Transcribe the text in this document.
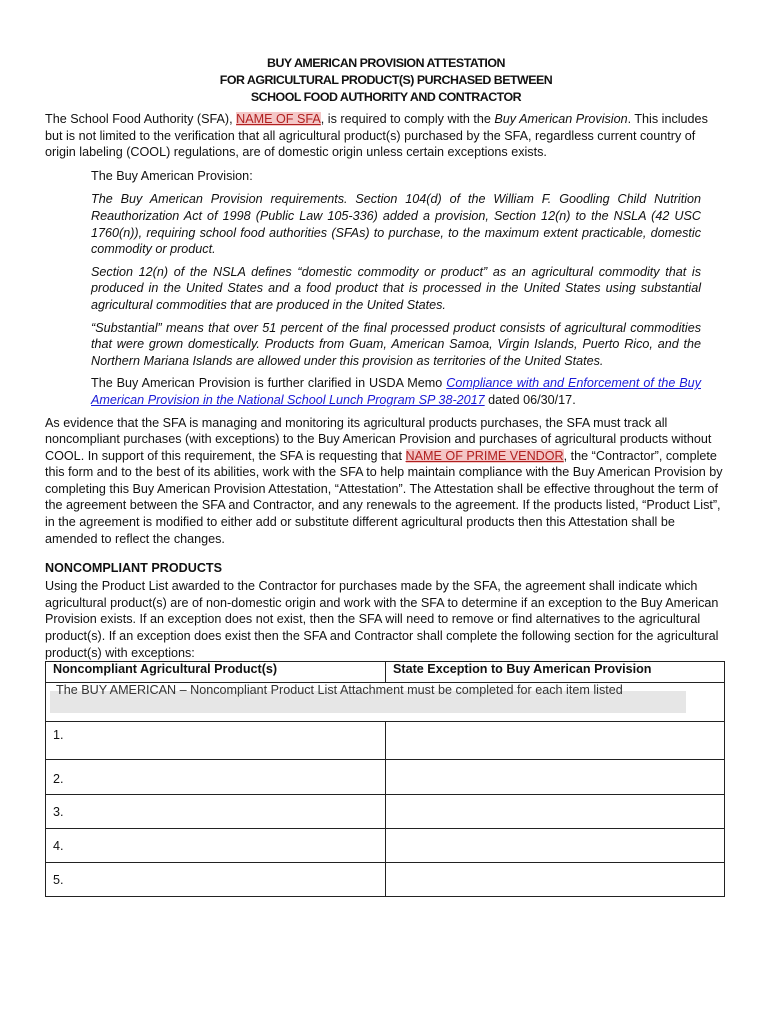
BUY AMERICAN PROVISION ATTESTATION
FOR AGRICULTURAL PRODUCT(S) PURCHASED BETWEEN
SCHOOL FOOD AUTHORITY AND CONTRACTOR

The School Food Authority (SFA), NAME OF SFA, is required to comply with the Buy American Provision. This includes but is not limited to the verification that all agricultural product(s) purchased by the SFA, regardless current country of origin labeling (COOL) regulations, are of domestic origin unless certain exceptions exists.

The Buy American Provision:

The Buy American Provision requirements. Section 104(d) of the William F. Goodling Child Nutrition Reauthorization Act of 1998 (Public Law 105-336) added a provision, Section 12(n) to the NSLA (42 USC 1760(n)), requiring school food authorities (SFAs) to purchase, to the maximum extent practicable, domestic commodity or product.

Section 12(n) of the NSLA defines “domestic commodity or product” as an agricultural commodity that is produced in the United States and a food product that is processed in the United States using substantial agricultural commodities that are produced in the United States.

“Substantial” means that over 51 percent of the final processed product consists of agricultural commodities that were grown domestically. Products from Guam, American Samoa, Virgin Islands, Puerto Rico, and the Northern Mariana Islands are allowed under this provision as territories of the United States.

The Buy American Provision is further clarified in USDA Memo Compliance with and Enforcement of the Buy American Provision in the National School Lunch Program SP 38-2017 dated 06/30/17.

As evidence that the SFA is managing and monitoring its agricultural products purchases, the SFA must track all noncompliant purchases (with exceptions) to the Buy American Provision and purchases of agricultural products without COOL. In support of this requirement, the SFA is requesting that NAME OF PRIME VENDOR, the “Contractor”, complete this form and to the best of its abilities, work with the SFA to help maintain compliance with the Buy American Provision by completing this Buy American Provision Attestation, “Attestation”. The Attestation shall be effective throughout the term of the agreement between the SFA and Contractor, and any renewals to the agreement. If the products listed, “Product List”, in the agreement is modified to either add or substitute different agricultural products then this Attestation shall be amended to reflect the changes.

NONCOMPLIANT PRODUCTS

Using the Product List awarded to the Contractor for purchases made by the SFA, the agreement shall indicate which agricultural product(s) are of non-domestic origin and work with the SFA to determine if an exception to the Buy American Provision exists. If an exception does not exist, then the SFA will need to remove or find alternatives to the agricultural product(s). If an exception does exist then the SFA and Contractor shall complete the following section for the agricultural product(s) with exceptions:

Noncompliant Agricultural Product(s)	State Exception to Buy American Provision

The BUY AMERICAN – Noncompliant Product List Attachment must be completed for each item listed	

1.	
2.	
3.	
4.	
5.	
